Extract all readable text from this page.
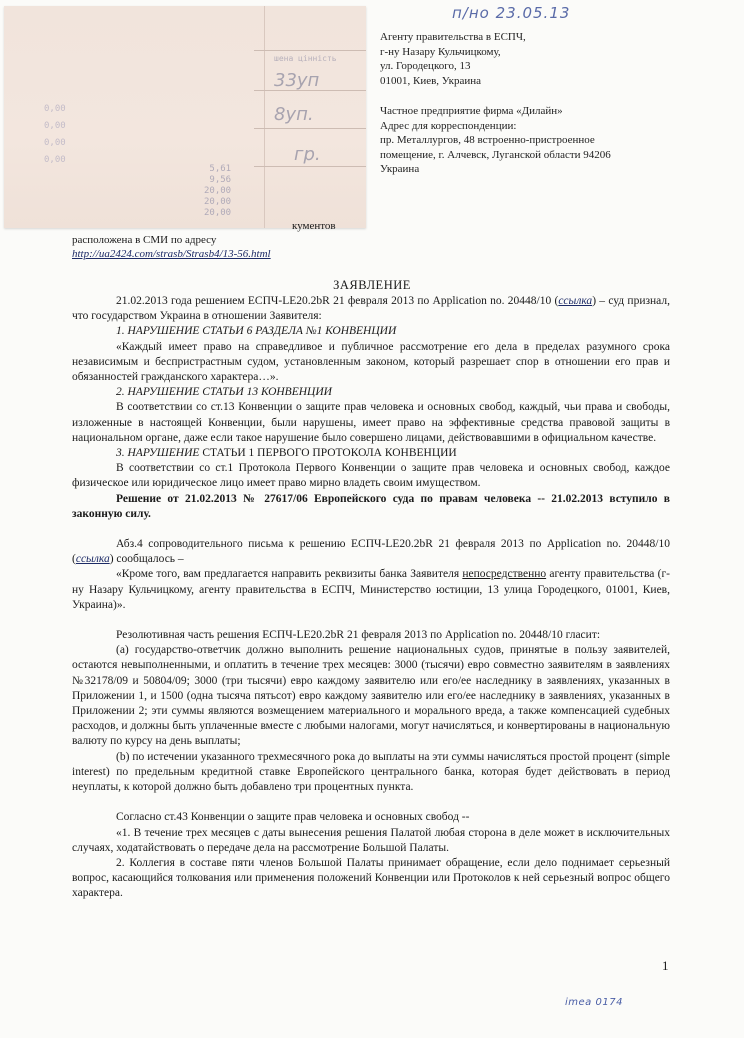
шена цінність
33уп
8уп.
гр.
0,00
0,00
0,00
0,00
5,61
9,56
20,00
20,00
20,00
п/но 23.05.13
Агенту правительства в ЕСПЧ,
г-ну Назару Кульчицкому,
ул. Городецкого, 13
01001, Киев, Украина
Частное предприятие фирма «Дилайн»
Адрес для корреспонденции:
пр. Металлургов, 48 встроенно-пристроенное
помещение, г. Алчевск, Луганской области 94206
Украина
кументов
расположена в СМИ по адресу
http://ua2424.com/strasb/Strasb4/13-56.html
ЗАЯВЛЕНИЕ

21.02.2013 года решением ЕСПЧ-LE20.2bR 21 февраля 2013 по Application no. 20448/10 (ссылка) – суд признал, что государством Украина в отношении Заявителя:

1. НАРУШЕНИЕ СТАТЬИ 6 РАЗДЕЛА №1 КОНВЕНЦИИ

«Каждый имеет право на справедливое и публичное рассмотрение его дела в пределах разумного срока независимым и беспристрастным судом, установленным законом, который разрешает спор в отношении его прав и обязанностей гражданского характера…».

2. НАРУШЕНИЕ СТАТЬИ 13 КОНВЕНЦИИ

В соответствии со ст.13 Конвенции о защите прав человека и основных свобод, каждый, чьи права и свободы, изложенные в настоящей Конвенции, были нарушены, имеет право на эффективные средства правовой защиты в национальном органе, даже если такое нарушение было совершено лицами, действовавшими в официальном качестве.

3. НАРУШЕНИЕ СТАТЬИ 1 ПЕРВОГО ПРОТОКОЛА КОНВЕНЦИИ

В соответствии со ст.1 Протокола Первого Конвенции о защите прав человека и основных свобод, каждое физическое или юридическое лицо имеет право мирно владеть своим имуществом.

Решение от 21.02.2013 № 27617/06 Европейского суда по правам человека -- 21.02.2013 вступило в законную силу.

Абз.4 сопроводительного письма к решению ЕСПЧ-LE20.2bR 21 февраля 2013 по Application no. 20448/10 (ссылка) сообщалось –

«Кроме того, вам предлагается направить реквизиты банка Заявителя непосредственно агенту правительства (г-ну Назару Кульчицкому, агенту правительства в ЕСПЧ, Министерство юстиции, 13 улица Городецкого, 01001, Киев, Украина)».

Резолютивная часть решения ЕСПЧ-LE20.2bR 21 февраля 2013 по Application no. 20448/10 гласит:

(а) государство-ответчик должно выполнить решение национальных судов, принятые в пользу заявителей, остаются невыполненными, и оплатить в течение трех месяцев: 3000 (тысячи) евро совместно заявителям в заявлениях №32178/09 и 50804/09; 3000 (три тысячи) евро каждому заявителю или его/ее наследнику в заявлениях, указанных в Приложении 1, и 1500 (одна тысяча пятьсот) евро каждому заявителю или его/ее наследнику в заявлениях, указанных в Приложении 2; эти суммы являются возмещением материального и морального вреда, а также компенсацией судебных расходов, и должны быть уплаченные вместе с любыми налогами, могут начисляться, и конвертированы в национальную валюту по курсу на день выплаты;

(b) по истечении указанного трехмесячного рока до выплаты на эти суммы начисляться простой процент (simple interest) по предельным кредитной ставке Европейского центрального банка, которая будет действовать в период неуплаты, к которой должно быть добавлено три процентных пункта.

Согласно ст.43 Конвенции о защите прав человека и основных свобод --

«1. В течение трех месяцев с даты вынесения решения Палатой любая сторона в деле может в исключительных случаях, ходатайствовать о передаче дела на рассмотрение Большой Палаты.

2. Коллегия в составе пяти членов Большой Палаты принимает обращение, если дело поднимает серьезный вопрос, касающийся толкования или применения положений Конвенции или Протоколов к ней серьезный вопрос общего характера.

1
imea 0174
